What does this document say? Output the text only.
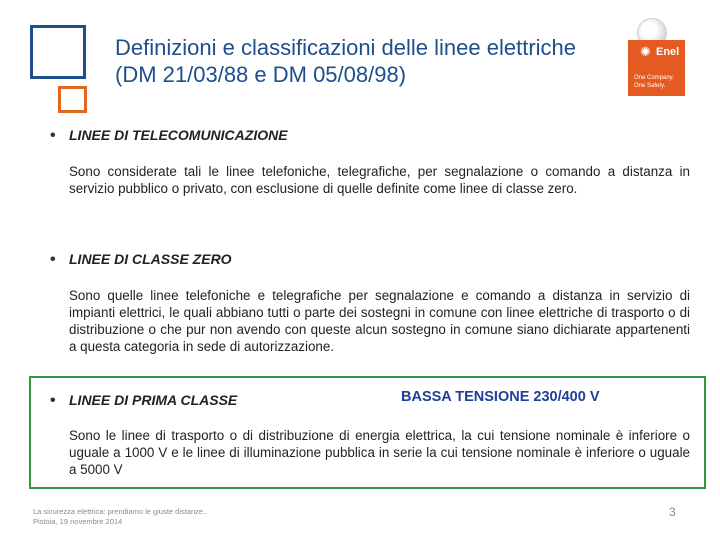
Definizioni e classificazioni delle linee elettriche (DM 21/03/88 e DM 05/08/98)
✺ Enel
One Company. One Safety.
• LINEE DI TELECOMUNICAZIONE
Sono considerate tali le linee telefoniche, telegrafiche, per segnalazione o comando a distanza in servizio pubblico o privato, con esclusione di quelle definite come linee di classe zero.
• LINEE DI CLASSE ZERO
Sono quelle linee telefoniche e telegrafiche per segnalazione e comando a distanza in servizio di impianti elettrici, le quali abbiano tutti o parte dei sostegni in comune con linee elettriche di trasporto o di distribuzione o che pur non avendo con queste alcun sostegno in comune siano dichiarate appartenenti a questa categoria in sede di autorizzazione.
BASSA TENSIONE 230/400 V
• LINEE DI PRIMA CLASSE
Sono le linee di trasporto o di distribuzione di energia elettrica, la cui tensione nominale è inferiore o uguale a 1000 V e le linee di illuminazione pubblica in serie la cui tensione nominale è inferiore o uguale a 5000 V
La sicurezza elettrica: prendiamo le giuste distanze..
Pistoia, 19 novembre 2014
3
